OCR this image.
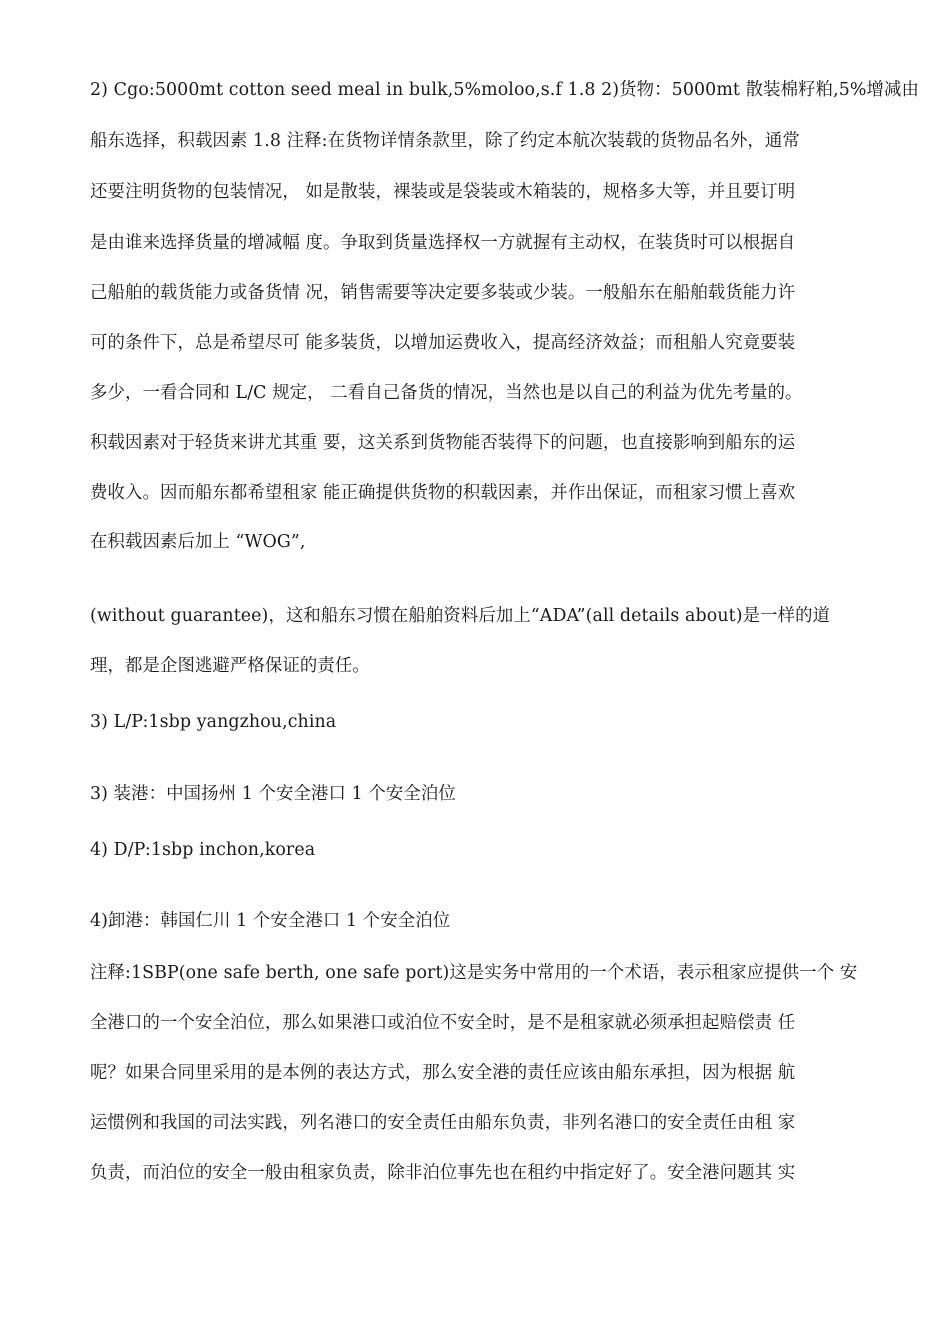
2) Cgo:5000mt cotton seed meal in bulk,5%moloo,s.f 1.8 2)货物：5000mt 散装棉籽粕,5%增减由

船东选择，积载因素 1.8 注释:在货物详情条款里，除了约定本航次装载的货物品名外，通常

还要注明货物的包装情况， 如是散装，裸装或是袋装或木箱装的，规格多大等，并且要订明

是由谁来选择货量的增减幅 度。争取到货量选择权一方就握有主动权，在装货时可以根据自

己船舶的载货能力或备货情 况，销售需要等决定要多装或少装。一般船东在船舶载货能力许

可的条件下，总是希望尽可 能多装货，以增加运费收入，提高经济效益；而租船人究竟要装

多少，一看合同和 L/C 规定， 二看自己备货的情况，当然也是以自己的利益为优先考量的。

积载因素对于轻货来讲尤其重 要，这关系到货物能否装得下的问题，也直接影响到船东的运

费收入。因而船东都希望租家 能正确提供货物的积载因素，并作出保证，而租家习惯上喜欢

在积载因素后加上 “WOG”,

(without guarantee)，这和船东习惯在船舶资料后加上“ADA”(all details about)是一样的道

理，都是企图逃避严格保证的责任。

3) L/P:1sbp yangzhou,china

3) 装港：中国扬州 1 个安全港口 1 个安全泊位

4) D/P:1sbp inchon,korea

4)卸港：韩国仁川 1 个安全港口 1 个安全泊位

注释:1SBP(one safe berth, one safe port)这是实务中常用的一个术语，表示租家应提供一个 安

全港口的一个安全泊位，那么如果港口或泊位不安全时，是不是租家就必须承担起赔偿责 任

呢？如果合同里采用的是本例的表达方式，那么安全港的责任应该由船东承担，因为根据 航

运惯例和我国的司法实践，列名港口的安全责任由船东负责，非列名港口的安全责任由租 家

负责，而泊位的安全一般由租家负责，除非泊位事先也在租约中指定好了。安全港问题其 实
